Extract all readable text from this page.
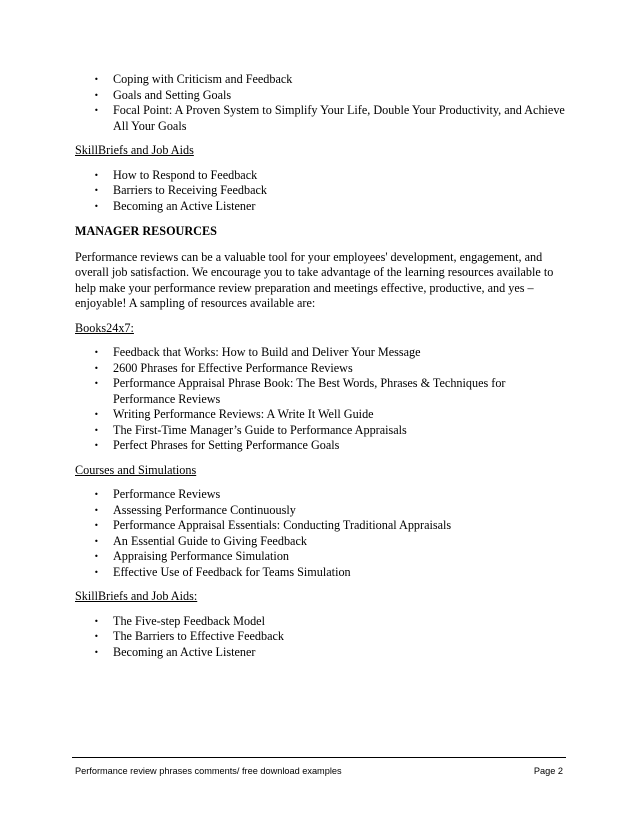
• Coping with Criticism and Feedback
• Goals and Setting Goals
• Focal Point: A Proven System to Simplify Your Life, Double Your Productivity, and Achieve All Your Goals

SkillBriefs and Job Aids

• How to Respond to Feedback
• Barriers to Receiving Feedback
• Becoming an Active Listener

MANAGER RESOURCES

Performance reviews can be a valuable tool for your employees' development, engagement, and overall job satisfaction. We encourage you to take advantage of the learning resources available to help make your performance review preparation and meetings effective, productive, and yes – enjoyable! A sampling of resources available are:

Books24x7:

• Feedback that Works: How to Build and Deliver Your Message
• 2600 Phrases for Effective Performance Reviews
• Performance Appraisal Phrase Book: The Best Words, Phrases & Techniques for Performance Reviews
• Writing Performance Reviews: A Write It Well Guide
• The First-Time Manager’s Guide to Performance Appraisals
• Perfect Phrases for Setting Performance Goals

Courses and Simulations

• Performance Reviews
• Assessing Performance Continuously
• Performance Appraisal Essentials: Conducting Traditional Appraisals
• An Essential Guide to Giving Feedback
• Appraising Performance Simulation
• Effective Use of Feedback for Teams Simulation

SkillBriefs and Job Aids:

• The Five-step Feedback Model
• The Barriers to Effective Feedback
• Becoming an Active Listener
Performance review phrases comments/ free download examples	Page 2
